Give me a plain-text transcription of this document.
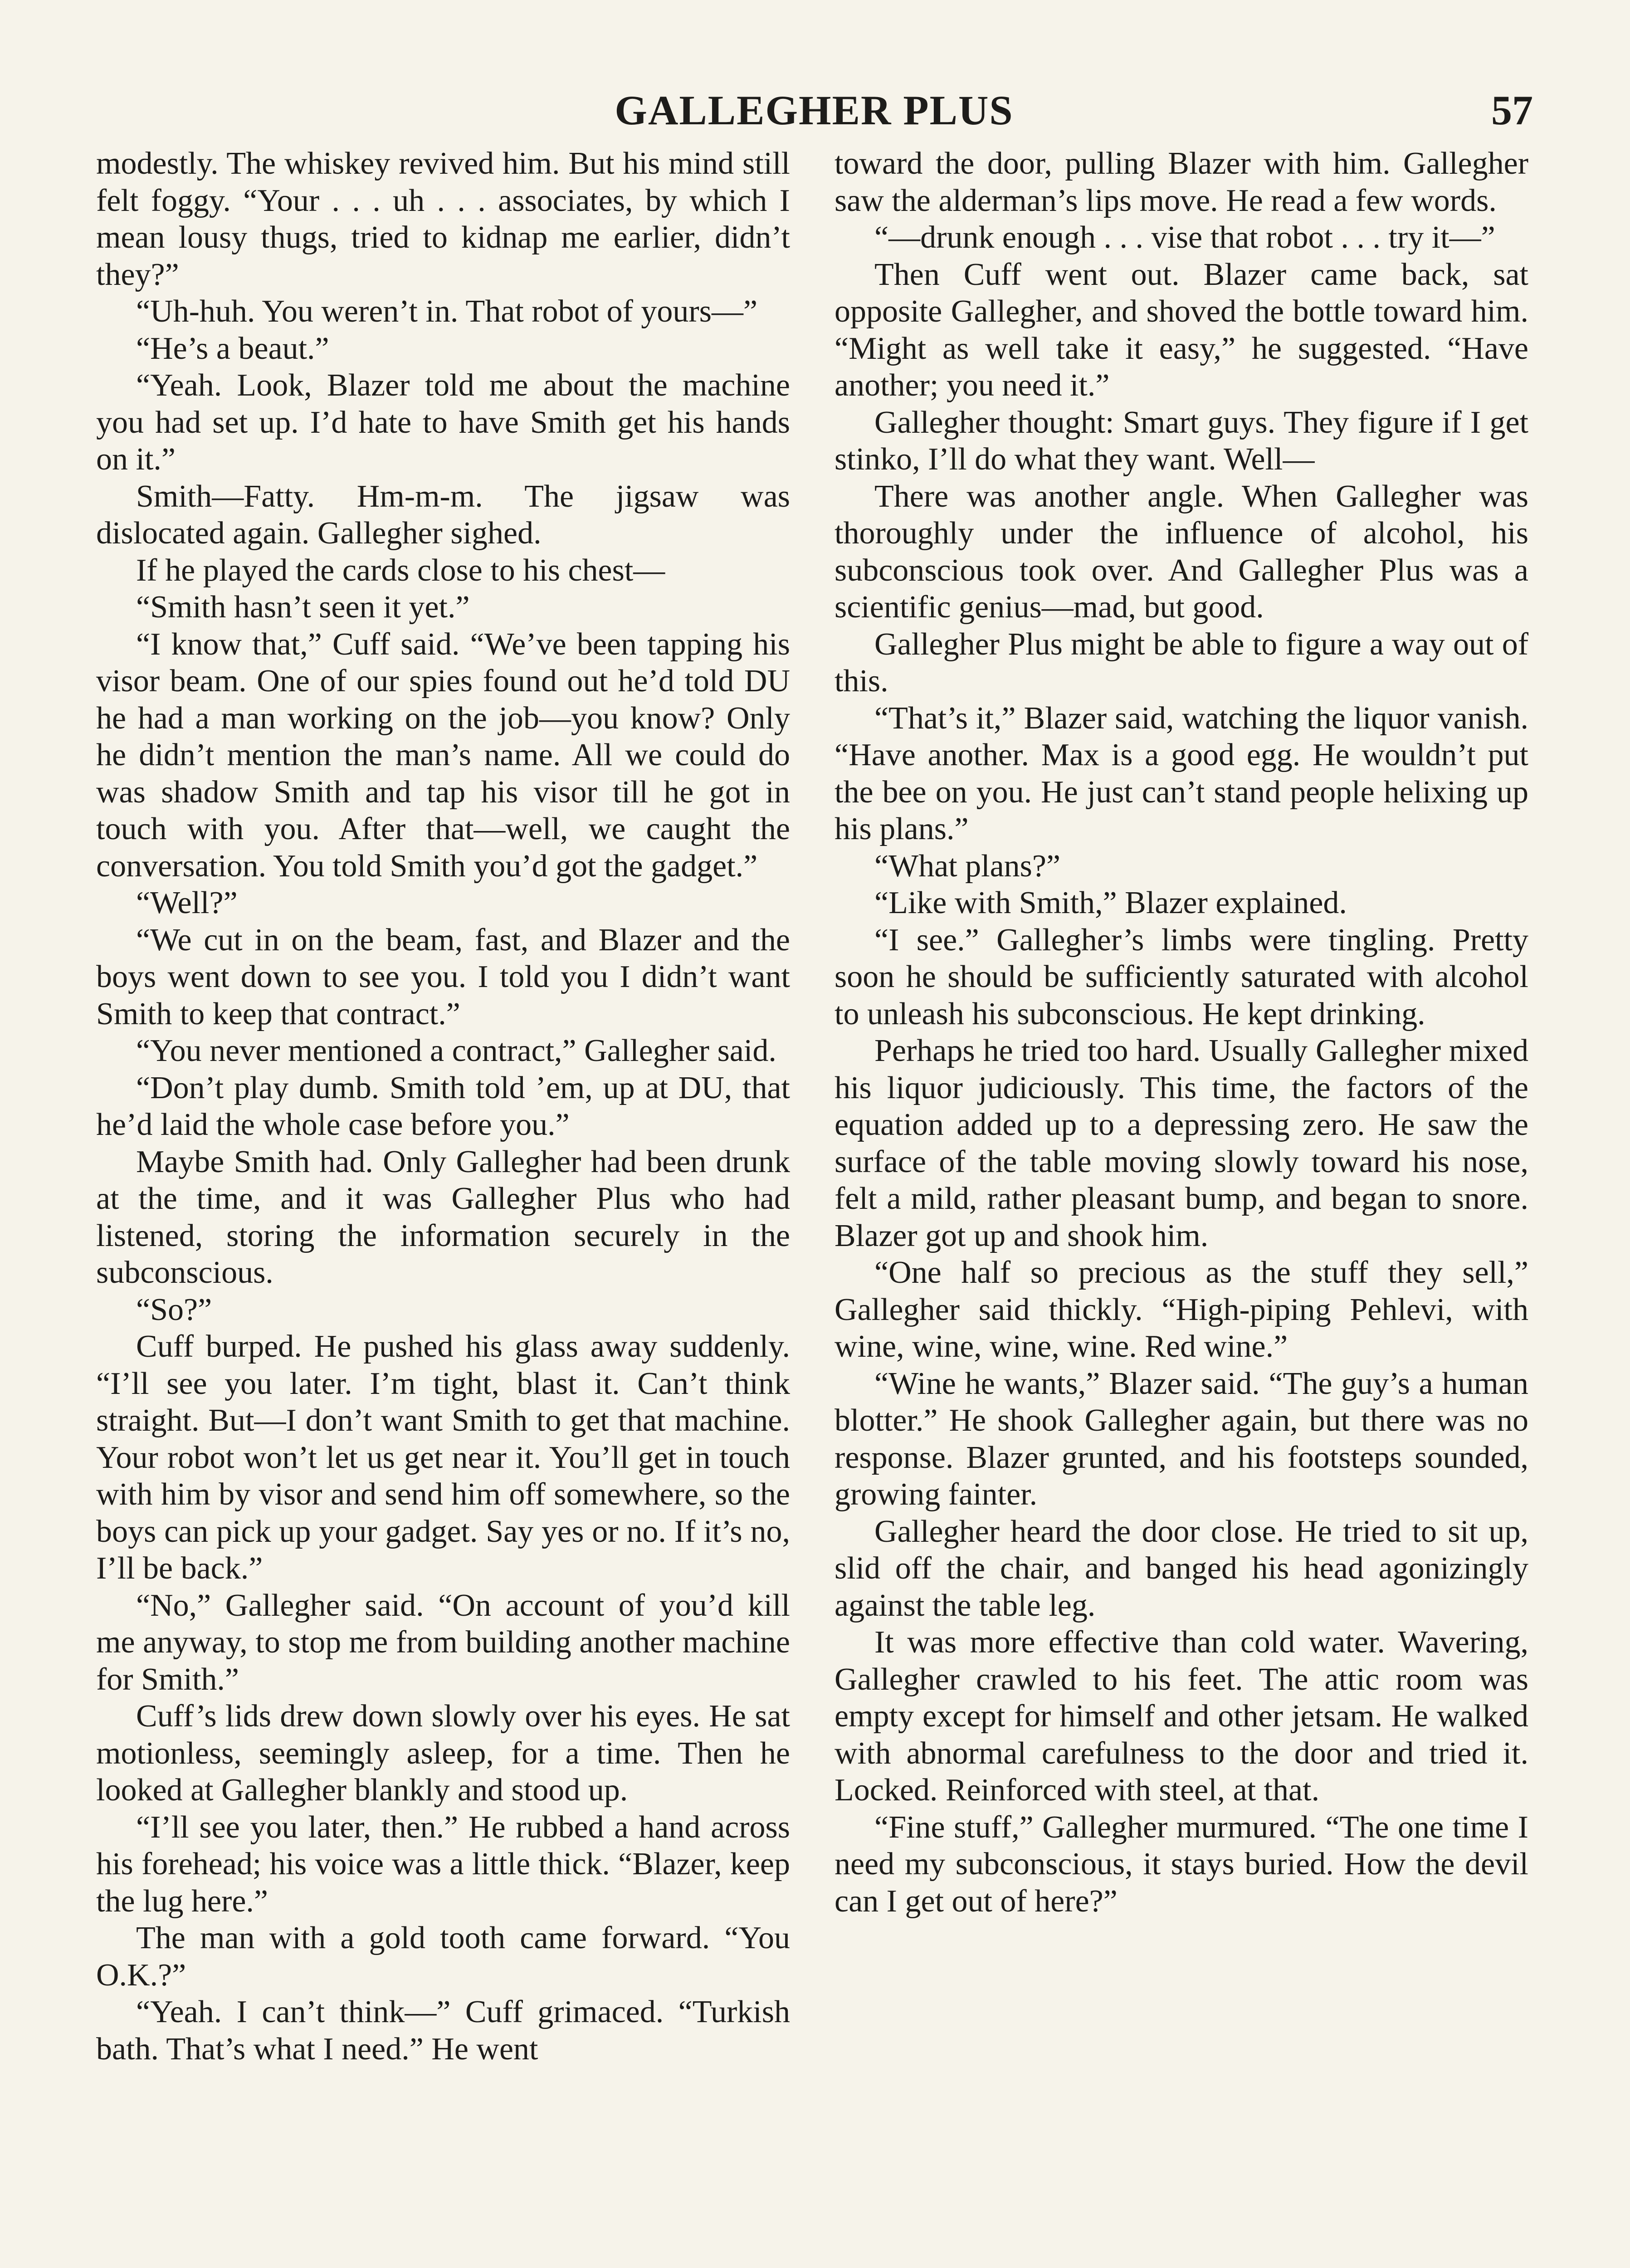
GALLEGHER PLUS	57

modestly. The whiskey revived him. But his mind still felt foggy. “Your . . . uh . . . associates, by which I mean lousy thugs, tried to kidnap me earlier, didn’t they?”

“Uh-huh. You weren’t in. That robot of yours—”

“He’s a beaut.”

“Yeah. Look, Blazer told me about the machine you had set up. I’d hate to have Smith get his hands on it.”

Smith—Fatty. Hm-m-m. The jigsaw was dislocated again. Gallegher sighed.

If he played the cards close to his chest—

“Smith hasn’t seen it yet.”

“I know that,” Cuff said. “We’ve been tapping his visor beam. One of our spies found out he’d told DU he had a man working on the job—you know? Only he didn’t mention the man’s name. All we could do was shadow Smith and tap his visor till he got in touch with you. After that—well, we caught the conversation. You told Smith you’d got the gadget.”

“Well?”

“We cut in on the beam, fast, and Blazer and the boys went down to see you. I told you I didn’t want Smith to keep that contract.”

“You never mentioned a contract,” Gallegher said.

“Don’t play dumb. Smith told ’em, up at DU, that he’d laid the whole case before you.”

Maybe Smith had. Only Gallegher had been drunk at the time, and it was Gallegher Plus who had listened, storing the information securely in the subconscious.

“So?”

Cuff burped. He pushed his glass away suddenly. “I’ll see you later. I’m tight, blast it. Can’t think straight. But—I don’t want Smith to get that machine. Your robot won’t let us get near it. You’ll get in touch with him by visor and send him off somewhere, so the boys can pick up your gadget. Say yes or no. If it’s no, I’ll be back.”

“No,” Gallegher said. “On account of you’d kill me anyway, to stop me from building another machine for Smith.”

Cuff’s lids drew down slowly over his eyes. He sat motionless, seemingly asleep, for a time. Then he looked at Gallegher blankly and stood up.

“I’ll see you later, then.” He rubbed a hand across his forehead; his voice was a little thick. “Blazer, keep the lug here.”

The man with a gold tooth came forward. “You O.K.?”

“Yeah. I can’t think—” Cuff grimaced. “Turkish bath. That’s what I need.” He went

toward the door, pulling Blazer with him. Gallegher saw the alderman’s lips move. He read a few words.

“—drunk enough . . . vise that robot . . . try it—”

Then Cuff went out. Blazer came back, sat opposite Gallegher, and shoved the bottle toward him. “Might as well take it easy,” he suggested. “Have another; you need it.”

Gallegher thought: Smart guys. They figure if I get stinko, I’ll do what they want. Well—

There was another angle. When Gallegher was thoroughly under the influence of alcohol, his subconscious took over. And Gallegher Plus was a scientific genius—mad, but good.

Gallegher Plus might be able to figure a way out of this.

“That’s it,” Blazer said, watching the liquor vanish. “Have another. Max is a good egg. He wouldn’t put the bee on you. He just can’t stand people helixing up his plans.”

“What plans?”

“Like with Smith,” Blazer explained.

“I see.” Gallegher’s limbs were tingling. Pretty soon he should be sufficiently saturated with alcohol to unleash his subconscious. He kept drinking.

Perhaps he tried too hard. Usually Gallegher mixed his liquor judiciously. This time, the factors of the equation added up to a depressing zero. He saw the surface of the table moving slowly toward his nose, felt a mild, rather pleasant bump, and began to snore. Blazer got up and shook him.

“One half so precious as the stuff they sell,” Gallegher said thickly. “High-piping Pehlevi, with wine, wine, wine, wine. Red wine.”

“Wine he wants,” Blazer said. “The guy’s a human blotter.” He shook Gallegher again, but there was no response. Blazer grunted, and his footsteps sounded, growing fainter.

Gallegher heard the door close. He tried to sit up, slid off the chair, and banged his head agonizingly against the table leg.

It was more effective than cold water. Wavering, Gallegher crawled to his feet. The attic room was empty except for himself and other jetsam. He walked with abnormal carefulness to the door and tried it. Locked. Reinforced with steel, at that.

“Fine stuff,” Gallegher murmured. “The one time I need my subconscious, it stays buried. How the devil can I get out of here?”
